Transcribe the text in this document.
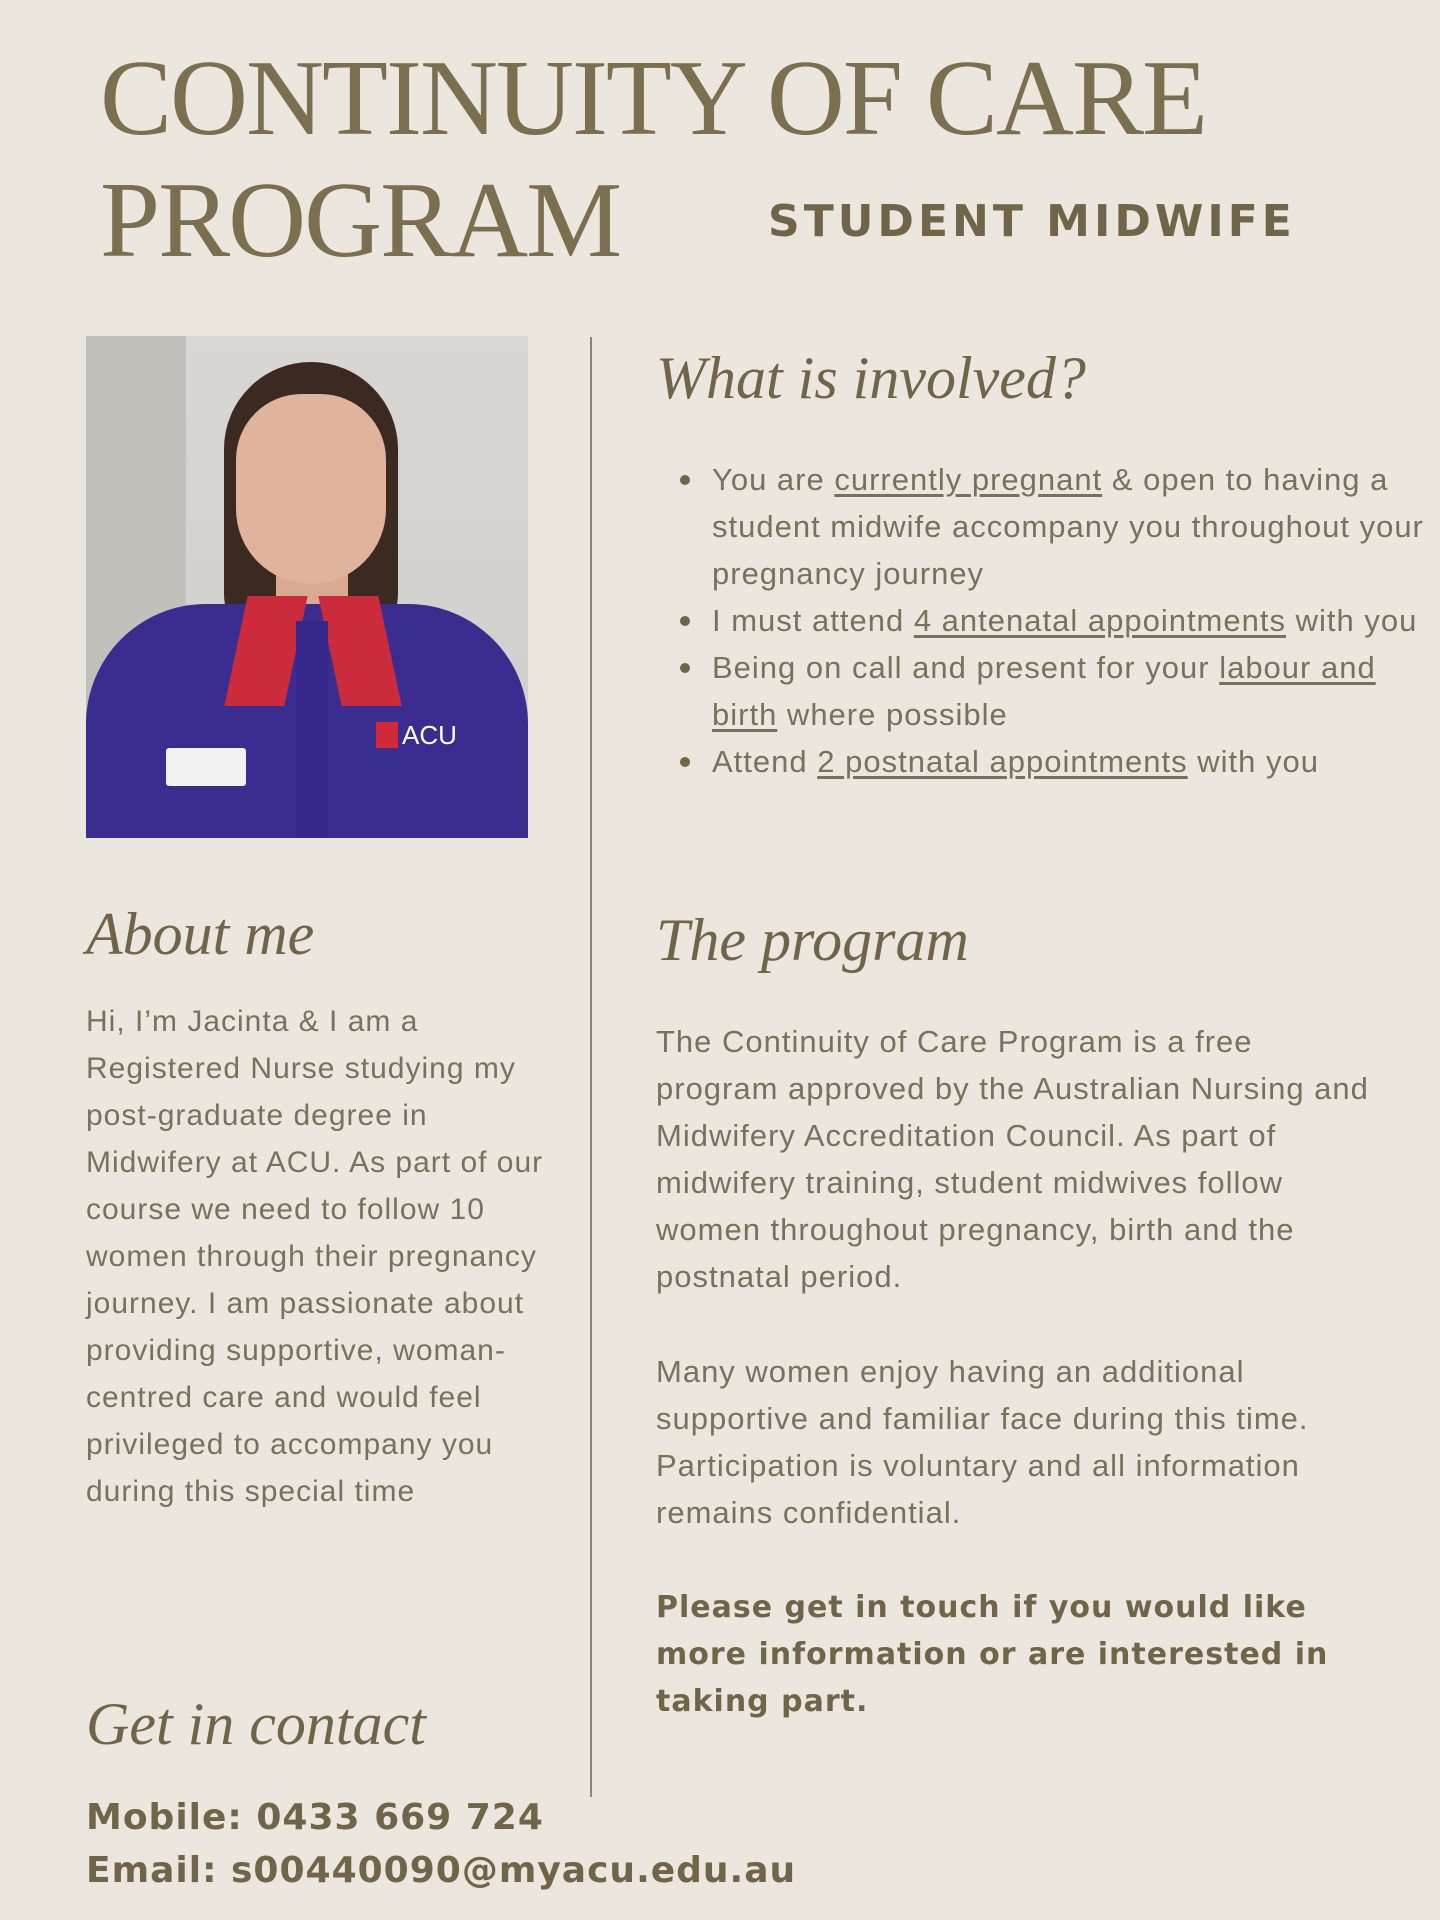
CONTINUITY OF CARE
PROGRAM	STUDENT MIDWIFE
ACU
About me

Hi, I’m Jacinta & I am a Registered Nurse studying my post-graduate degree in Midwifery at ACU. As part of our course we need to follow 10 women through their pregnancy journey. I am passionate about providing supportive, woman-centred care and would feel privileged to accompany you during this special time

Get in contact
Mobile: 0433 669 724
Email: s00440090@myacu.edu.au
What is involved?
You are currently pregnant & open to having a student midwife accompany you throughout your pregnancy journey
I must attend 4 antenatal appointments with you
Being on call and present for your labour and birth where possible
Attend 2 postnatal appointments with you
The program

The Continuity of Care Program is a free program approved by the Australian Nursing and Midwifery Accreditation Council. As part of midwifery training, student midwives follow women throughout pregnancy, birth and the postnatal period.

Many women enjoy having an additional supportive and familiar face during this time. Participation is voluntary and all information remains confidential.

Please get in touch if you would like more information or are interested in taking part.
